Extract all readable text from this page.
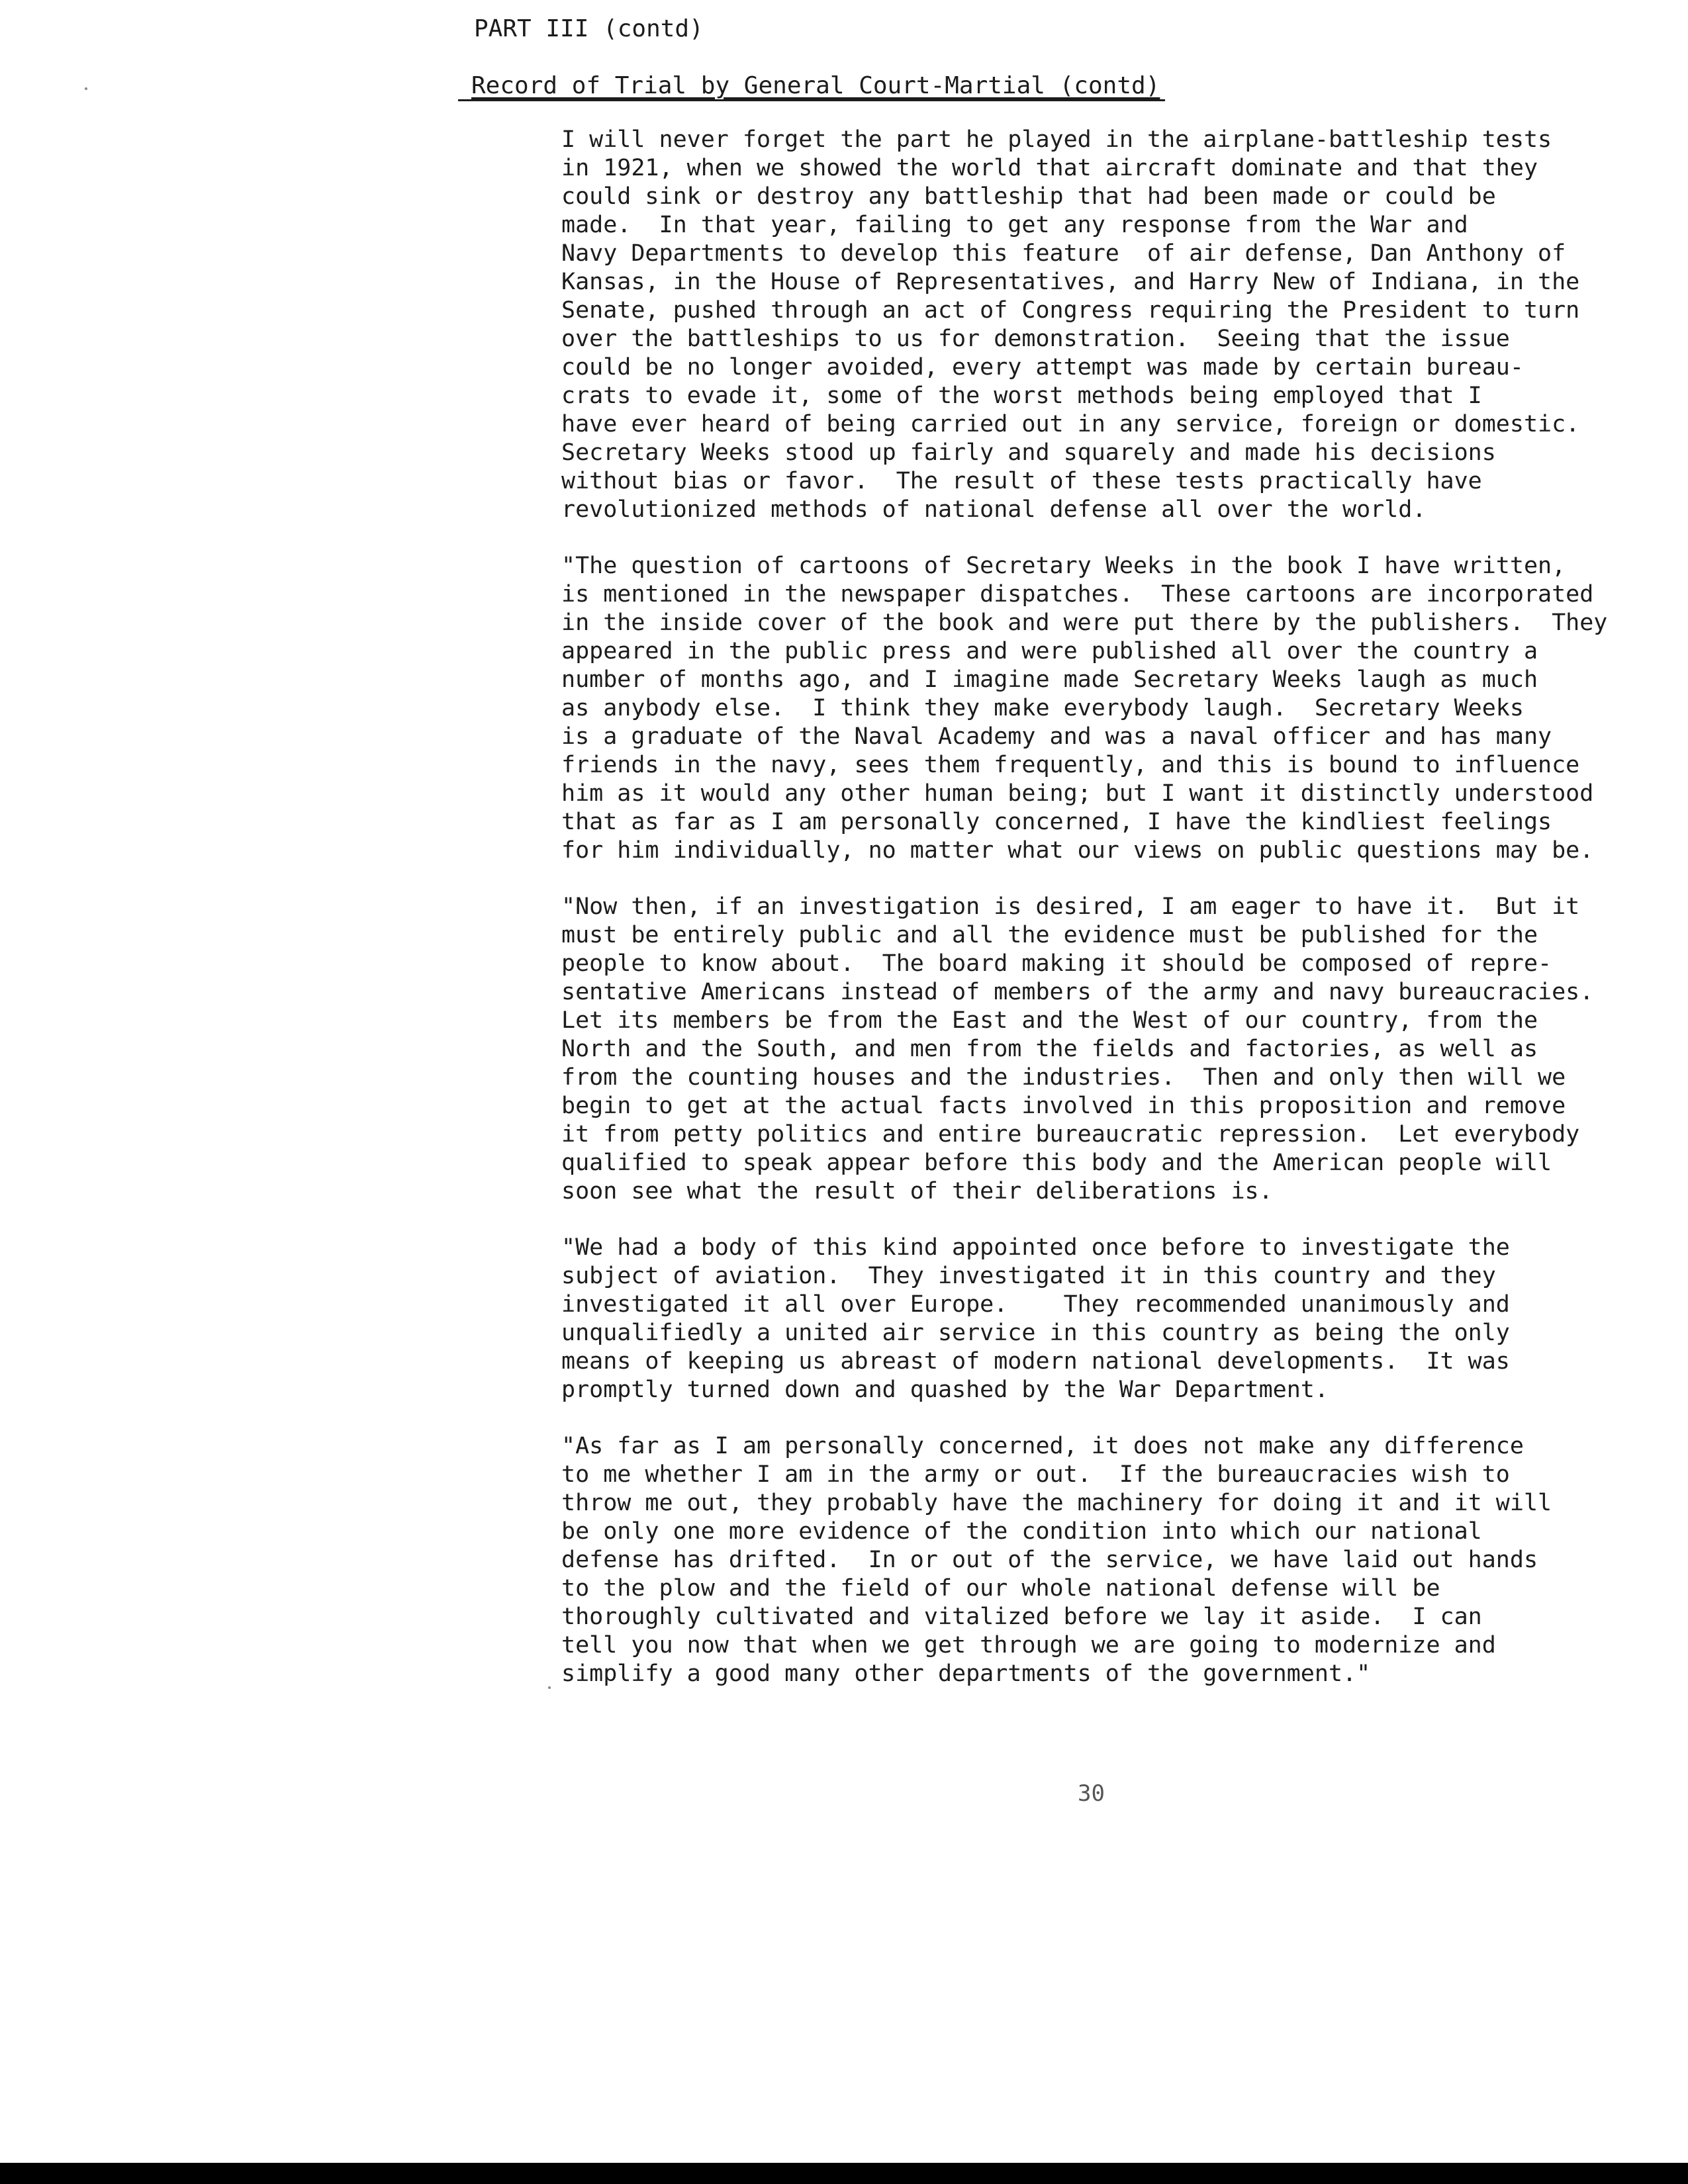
PART III (contd)
Record of Trial by General Court-Martial (contd)

I will never forget the part he played in the airplane-battleship tests
in 1921, when we showed the world that aircraft dominate and that they
could sink or destroy any battleship that had been made or could be
made.  In that year, failing to get any response from the War and
Navy Departments to develop this feature  of air defense, Dan Anthony of
Kansas, in the House of Representatives, and Harry New of Indiana, in the
Senate, pushed through an act of Congress requiring the President to turn
over the battleships to us for demonstration.  Seeing that the issue
could be no longer avoided, every attempt was made by certain bureau-
crats to evade it, some of the worst methods being employed that I
have ever heard of being carried out in any service, foreign or domestic.
Secretary Weeks stood up fairly and squarely and made his decisions
without bias or favor.  The result of these tests practically have
revolutionized methods of national defense all over the world.

"The question of cartoons of Secretary Weeks in the book I have written,
is mentioned in the newspaper dispatches.  These cartoons are incorporated
in the inside cover of the book and were put there by the publishers.  They
appeared in the public press and were published all over the country a
number of months ago, and I imagine made Secretary Weeks laugh as much
as anybody else.  I think they make everybody laugh.  Secretary Weeks
is a graduate of the Naval Academy and was a naval officer and has many
friends in the navy, sees them frequently, and this is bound to influence
him as it would any other human being; but I want it distinctly understood
that as far as I am personally concerned, I have the kindliest feelings
for him individually, no matter what our views on public questions may be.

"Now then, if an investigation is desired, I am eager to have it.  But it
must be entirely public and all the evidence must be published for the
people to know about.  The board making it should be composed of repre-
sentative Americans instead of members of the army and navy bureaucracies.
Let its members be from the East and the West of our country, from the
North and the South, and men from the fields and factories, as well as
from the counting houses and the industries.  Then and only then will we
begin to get at the actual facts involved in this proposition and remove
it from petty politics and entire bureaucratic repression.  Let everybody
qualified to speak appear before this body and the American people will
soon see what the result of their deliberations is.

"We had a body of this kind appointed once before to investigate the
subject of aviation.  They investigated it in this country and they
investigated it all over Europe.    They recommended unanimously and
unqualifiedly a united air service in this country as being the only
means of keeping us abreast of modern national developments.  It was
promptly turned down and quashed by the War Department.

"As far as I am personally concerned, it does not make any difference
to me whether I am in the army or out.  If the bureaucracies wish to
throw me out, they probably have the machinery for doing it and it will
be only one more evidence of the condition into which our national
defense has drifted.  In or out of the service, we have laid out hands
to the plow and the field of our whole national defense will be
thoroughly cultivated and vitalized before we lay it aside.  I can
tell you now that when we get through we are going to modernize and
simplify a good many other departments of the government."

30
